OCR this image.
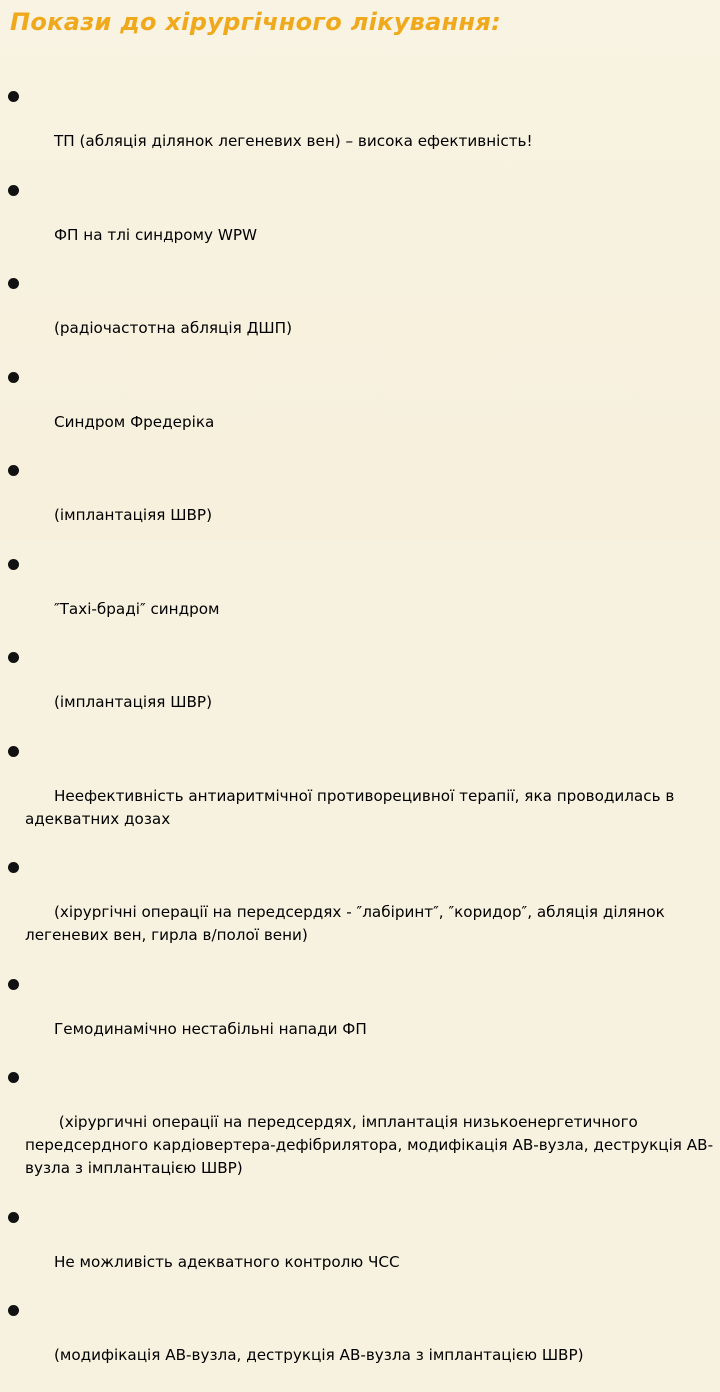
Покази до хірургічного лікування:

ТП (абляція ділянок легеневих вен) – висока ефективність!

ФП на тлі синдрому WPW

(радіочастотна абляція ДШП)

Синдром Фредеріка

(імплантаціяя ШВР)

″Тахі-браді″ синдром

(імплантаціяя ШВР)

Неефективність антиаритмічної противорецивної терапії, яка проводилась в адекватних дозах

(хірургічні операції на передсердях - ″лабіринт″, ″коридор″, абляція ділянок легеневих вен, гирла в/полої вени)

Гемодинамічно нестабільні напади ФП

(хірургичні операції на передсердях, імплантація низькоенергетичного передсердного кардіовертера-дефібрилятора, модифікація АВ-вузла, деструкція АВ-вузла з імплантацією ШВР)

Не можливість адекватного контролю ЧСС

(модифікація АВ-вузла, деструкція АВ-вузла з імплантацією ШВР)
